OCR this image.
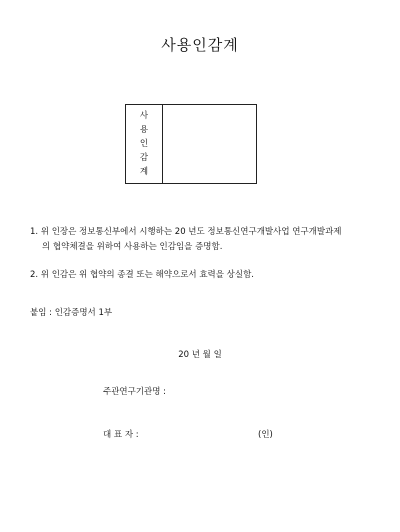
사용인감계
사
용
인
감
계
1. 위 인장은 정보통신부에서 시행하는 20 년도 정보통신연구개발사업 연구개발과제
의 협약체결을 위하여 사용하는 인감임을 증명함.
2. 위 인감은 위 협약의 종결 또는 해약으로서 효력을 상실함.
붙임 : 인감증명서 1부
20 년 월 일
주관연구기관명 :
대 표 자 :	(인)
